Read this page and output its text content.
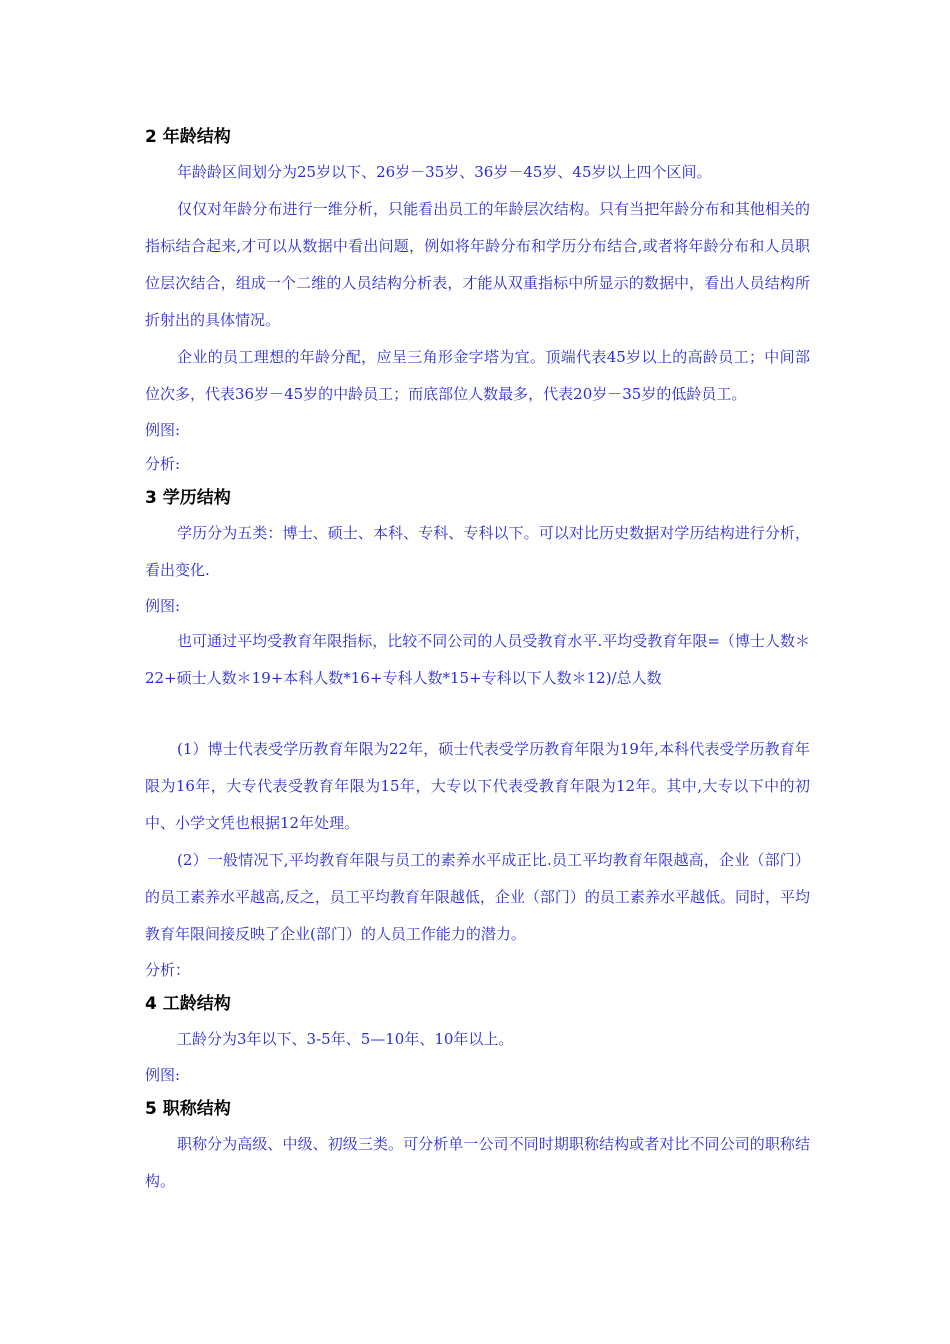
2 年龄结构

年龄龄区间划分为25岁以下、26岁－35岁、36岁－45岁、45岁以上四个区间。

仅仅对年龄分布进行一维分析，只能看出员工的年龄层次结构。只有当把年龄分布和其他相关的指标结合起来,才可以从数据中看出问题，例如将年龄分布和学历分布结合,或者将年龄分布和人员职位层次结合，组成一个二维的人员结构分析表，才能从双重指标中所显示的数据中，看出人员结构所折射出的具体情况。

企业的员工理想的年龄分配，应呈三角形金字塔为宜。顶端代表45岁以上的高龄员工；中间部位次多，代表36岁－45岁的中龄员工；而底部位人数最多，代表20岁－35岁的低龄员工。

例图:

分析:

3 学历结构

学历分为五类：博士、硕士、本科、专科、专科以下。可以对比历史数据对学历结构进行分析，看出变化.

例图:

也可通过平均受教育年限指标，比较不同公司的人员受教育水平.平均受教育年限=（博士人数＊22+硕士人数＊19+本科人数*16+专科人数*15+专科以下人数＊12)/总人数

(1）博士代表受学历教育年限为22年，硕士代表受学历教育年限为19年,本科代表受学历教育年限为16年，大专代表受教育年限为15年，大专以下代表受教育年限为12年。其中,大专以下中的初中、小学文凭也根据12年处理。

(2）一般情况下,平均教育年限与员工的素养水平成正比.员工平均教育年限越高，企业（部门）的员工素养水平越高,反之，员工平均教育年限越低，企业（部门）的员工素养水平越低。同时，平均教育年限间接反映了企业(部门）的人员工作能力的潜力。

分析：

4 工龄结构

工龄分为3年以下、3-5年、5—10年、10年以上。

例图:

5 职称结构

职称分为高级、中级、初级三类。可分析单一公司不同时期职称结构或者对比不同公司的职称结构。
